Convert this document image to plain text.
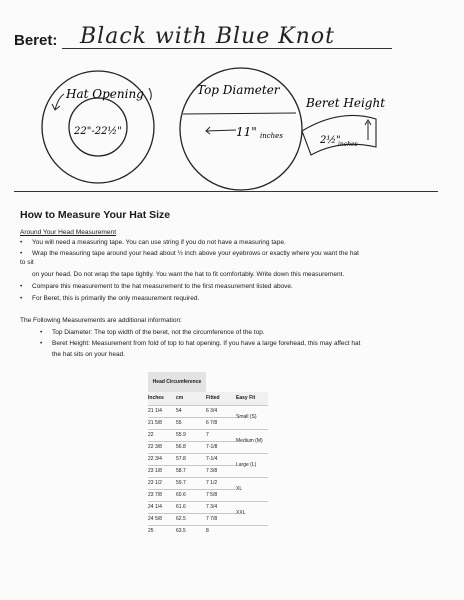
Beret: Black with Blue Knot
Hat Opening
22"-22½"
Top Diameter
11" inches
Beret Height
2½"
inches
How to Measure Your Hat Size
Around Your Head Measurement
• You will need a measuring tape. You can use string if you do not have a measuring tape.
• Wrap the measuring tape around your head about ½ inch above your eyebrows or exactly where you want the hat
to sit
on your head. Do not wrap the tape tightly. You want the hat to fit comfortably. Write down this measurement.
• Compare this measurement to the hat measurement to the first measurement listed above.
• For Beret, this is primarily the only measurement required.
The Following Measurements are additional information:
• Top Diameter: The top width of the beret, not the circumference of the top.
• Beret Height: Measurement from fold of top to hat opening. If you have a large forehead, this may affect hat
the hat sits on your head.
Head Circumference			
Inches	cm	Fitted	Easy Fit
21 1/4	54	6 3/4	Small (S)
21 5/8	55	6 7/8	
22	55.9	7	Medium (M)
22 3/8	56.8	7-1/8	
22 3/4	57.8	7-1/4	Large (L)
23 1/8	58.7	7 3/8	
23 1/2	59.7	7 1/2	XL
23 7/8	60.6	7 5/8	
24 1/4	61.6	7 3/4	XXL
24 5/8	62.5	7 7/8	
25	63.5	8	
